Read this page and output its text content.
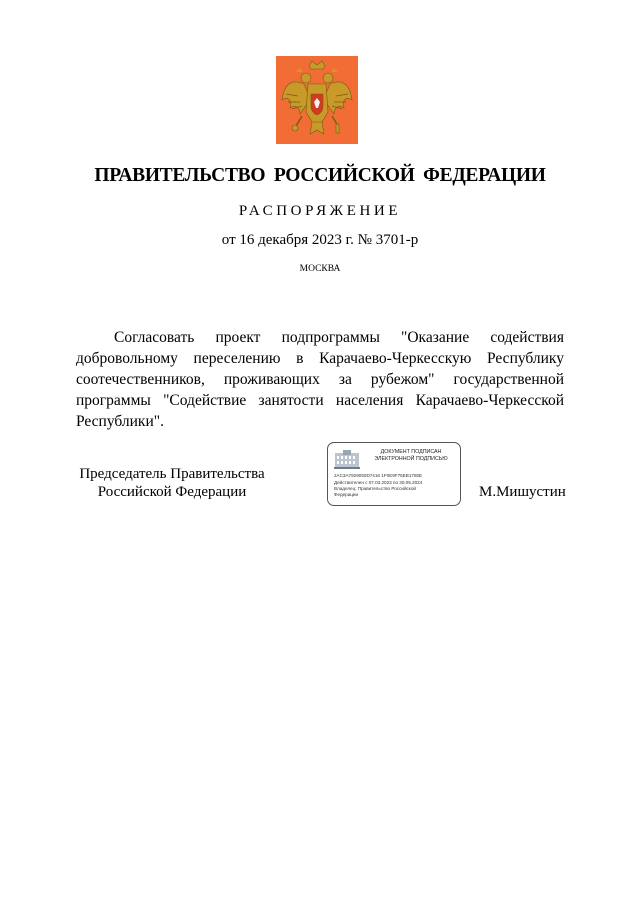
ПРАВИТЕЛЬСТВО РОССИЙСКОЙ ФЕДЕРАЦИИ
РАСПОРЯЖЕНИЕ
от 16 декабря 2023 г. № 3701-р
МОСКВА

Согласовать проект подпрограммы "Оказание содействия добровольному переселению в Карачаево-Черкесскую Республику соотечественников, проживающих за рубежом" государственной программы "Содействие занятости населения Карачаево-Черкесской Республики".

Председатель Правительства
Российской Федерации
ДОКУМЕНТ ПОДПИСАН
ЭЛЕКТРОННОЙ ПОДПИСЬЮ
2AC3A7929050D7416 1F0E9F76EB1780E
Действителен с 07.03.2023 по 30.05.2024
Владелец: Правительство Российской
Федерации	М.Мишустин
